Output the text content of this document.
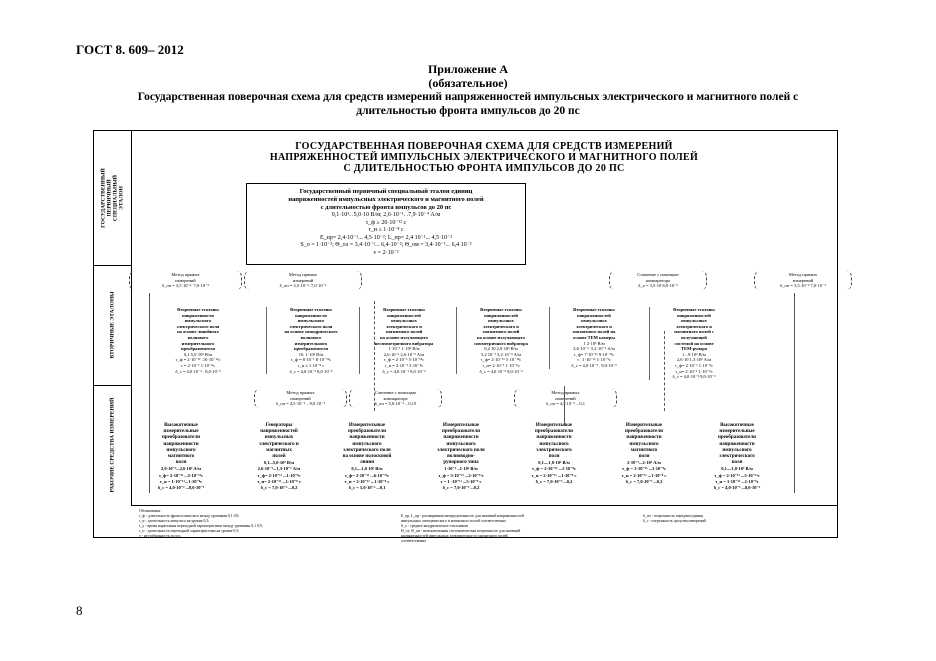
ГОСТ 8. 609– 2012
Приложение А
(обязательное)
Государственная поверочная схема для средств измерений напряженностей импульсных электрического и магнитного полей с
длительностью фронта импульсов до 20 пс
ГОСУДАРСТВЕННЫЙ ПЕРВИЧНЫЙ СПЕЦИАЛЬНЫЙ ЭТАЛОН
ВТОРИЧНЫЕ ЭТАЛОНЫ
РАБОЧИЕ СРЕДСТВА ИЗМЕРЕНИЙ
ГОСУДАРСТВЕННАЯ ПОВЕРОЧНАЯ СХЕМА ДЛЯ СРЕДСТВ ИЗМЕРЕНИЙ
НАПРЯЖЕННОСТЕЙ ИМПУЛЬСНЫХ ЭЛЕКТРИЧЕСКОГО И МАГНИТНОГО ПОЛЕЙ
С ДЛИТЕЛЬНОСТЬЮ ФРОНТА ИМПУЛЬСОВ ДО 20 ПС
Государственный первичный специальный эталон единиц
напряженностей импульсных электрического и магнитного полей
с длительностью фронта импульсов до 20 пс
0,1·10³. .5,0·10 В/м; 2,6·10⁻¹. .7,9·10⁻⁴ А/м
τ_ф ≥ 20·10⁻¹² с
τ_и ≤ 1·10⁻⁸ с
E_пр= 2,4·10⁻¹... 4,5·10⁻²; L_пр= 2,4 10⁻¹... 4,5·10⁻²
S_o = 1·10⁻²; Θ_оэ = 3,4·10⁻¹... 6,4·10⁻²; Θ_ом = 3,4·10⁻¹... 6,4 10⁻²
ν = 2·10⁻²
Метод прямых
измерений
δ_оп = 3,5·10⁻². 7,0·10⁻²
Метод прямых
измерений
δ_оп = 3,5·10⁻². 7,0·10⁻²
Сличение с помощью
компаратора
δ_о = 3,5·10 8,0·10⁻²
Метод прямых
измерений
δ_оп = 3,5·10⁻² 7,0·10⁻²
Вторичные эталоны
напряженности
импульсного
электрического поля
на основе линейного
волнового
измерительного
преобразователя
0,1 5,0·10³ В/м
τ_ф = 2·10⁻¹¹ .10·10⁻¹²с
τ = 2·10⁻¹ 1·10⁻⁸с
δ_с = 4,0·10⁻² . 8,0·10⁻²
Вторичные эталоны
напряженности
импульсного
электрического поля
на основе меандрического
волнового
измерительного
преобразователя
10. 1·10³ В/м
τ_ф = 8·10⁻¹ 8·10⁻¹²с
τ_и ≤ 1·10⁻⁸ с
δ_с = 4,0·10⁻² 8,0·10⁻²
Вторичные эталоны
напряженностей
импульсных
электрического и
магнитного полей
на основе излучающего
несимметричного вибратора
1·10⁻¹ 1·10³ В/м
2,6·10⁻¹ 2,6·10⁻³ А/м
τ_ф = 2·10⁻¹ 5·10⁻¹²с
τ_и = 2·10⁻¹ 3·10⁻⁸с
δ_с = 4,0·10⁻² 9,0·10⁻²
Вторичные эталоны
напряженностей
импульсных
электрического и
магнитного полей
на основе излучающего
симметричного вибратора
0,2 10 2,0·10³ В/м
5,2 10⁻¹ 5,2·10⁻³ А/м
τ_ф= 2·10⁻¹¹ 5·10⁻¹²с
τ_и= 2·10⁻¹ 1·10⁻⁸с
δ_с = 4,0·10⁻² 9,0·10⁻²
Вторичные эталоны
напряженностей
импульсных
электрического и
магнитного полей на
основе ТЕМ камеры
1 2·10³ В/м
2,6·10⁻³. 5,2·10⁻³ А/м
τ_ф= 7·10⁻¹¹ 9·10⁻¹²с
τ . 1·10⁻¹¹ 1·10⁻⁹с
δ_с = 4,0·10⁻² . 9,0·10⁻²
Вторичные эталоны
напряженностей
импульсных
электрического и
магнитного полей с
излучающей
системой на основе
ТЕМ-рупора
1...9·10² В/м
2,6·10 1,3·10² А/м
τ_ф= 2·10⁻¹ 1·10⁻⁸с
τ_и= 2·10⁻¹ 1·10⁻⁸с
δ_с = 4,0·10⁻² 9,0·10⁻²
Метод прямых
измерений
δ_оп = 4,5·10⁻² ...9,0·10⁻²
Сличение с помощью
компаратора
δ_оп = 5,0·10⁻² ...0,15
Метод прямых
измерений
δ_оп = 4,5 10⁻² ...0,1
Высокоточные
измерительные
преобразователи
напряженности
импульсного
магнитного
поля
2,0·10⁻²...2,6 10² А/м
τ_ф= 2·10⁻¹¹ ...5·10⁻¹²с
τ_и = 1·10⁻¹¹...1·10⁻⁸с
δ_с = 4,0·10⁻² ...8,0·10⁻²
Генераторы
напряженностей
импульсных
электрического и
магнитных
полей
0,1...5,0·10³ В/м
2,6·10⁻¹...1,3·10⁻¹ А/м
τ_ф= 2·10⁻¹¹ ...1·10⁻⁸с
τ_и= 2·10⁻¹¹ ...1·10⁻⁸ с
δ_с = 7,0·10⁻² ...0,2
Измерительные
преобразователи
напряженности
импульсного
электрического поля
на основе полосковой
линии
0,1....1,0 10³ В/м
τ_ф= 2·10⁻¹¹ ...6·10⁻¹²с
τ_и = 2·10⁻¹¹ ...1·10⁻⁸ с
δ_с = 5,0·10⁻² ...0,1
Измерительные
преобразователи
напряженности
импульсного
электрического поля
волноводно-
рупорного типа
1·10⁻¹ ..1·10³ В/м
τ_ф = 5·10⁻¹¹ ...2·10⁻¹¹с
τ = 1 ·10⁻¹¹ ...5·10⁻⁸ с
δ_с = 7,0·10⁻² ...0,2
Измерительные
преобразователи
напряженности
импульсного
электрического
поля
0,1....1,0·10³ В/м
τ_ф = 2·10⁻¹¹ ...1·10⁻⁸с
τ_и = 2·10⁻¹¹ ...1·10⁻⁸ с
δ_с = 7,0·10⁻² ...0,2
Измерительные
преобразователи
напряженности
импульсного
магнитного
поля
2·10⁻²...2·10² А/м
τ_ф = 2·10⁻¹¹ ...1·10⁻⁸с
τ_и = 2·10⁻¹¹ ...1·10⁻⁸ с
δ_с = 7,0·10⁻² ...0,2
Высокоточные
измерительные
преобразователи
напряженности
импульсного
электрического
поля
0,1....1,0·10³ В/м
τ_ф = 2·10⁻¹¹ ...5·10⁻¹²с
τ_и = 1·10⁻¹¹ ...1·10⁻⁸с
δ_с = 4,0·10⁻² ...8,0·10⁻²
Обозначения.
τ_ф - длительность фронта импульса между уровнями 0,1 0,9;
τ_и - длительность импульса на уровне 0,5;
τ_у - время нарастания переходной характеристики между уровнями 0,1 0,9,
τ_п - длительность переходной характеристики на уровне 0,5;
ν - нестабильность за год;
E_пр, L_пр - расширенная неопределенность для значений напряженностей
импульсных электрического и магнитного полей соответственно
S_o - среднее квадратическое отклонение
Θ_оэ, Θ_ом - неисключенная систематическая погрешность для значений
напряженностей импульсных электрического и магнитного полей
соответственно
δ_оп - погрешность передачи единиц
δ_с - погрешность средства измерений
8
